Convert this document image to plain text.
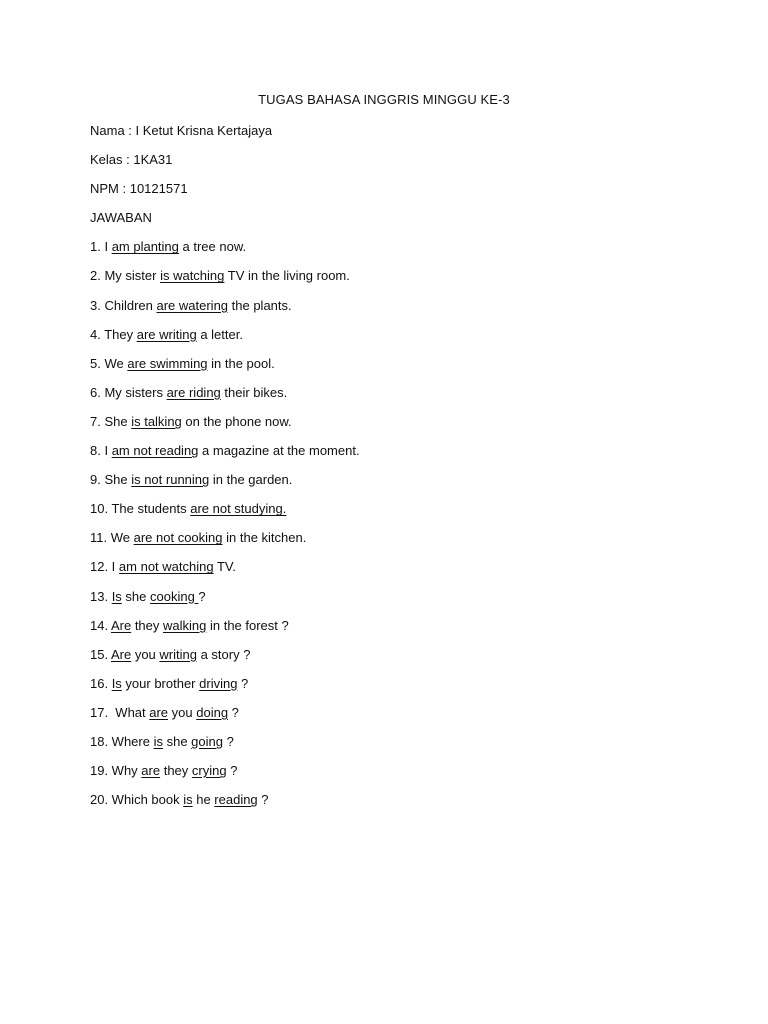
TUGAS BAHASA INGGRIS MINGGU KE-3
Nama : I Ketut Krisna Kertajaya
Kelas : 1KA31
NPM : 10121571
JAWABAN
1. I am planting a tree now.
2. My sister is watching TV in the living room.
3. Children are watering the plants.
4. They are writing a letter.
5. We are swimming in the pool.
6. My sisters are riding their bikes.
7. She is talking on the phone now.
8. I am not reading a magazine at the moment.
9. She is not running in the garden.
10. The students are not studying.
11. We are not cooking in the kitchen.
12. I am not watching TV.
13. Is she cooking ?
14. Are they walking in the forest ?
15. Are you writing a story ?
16. Is your brother driving ?
17.  What are you doing ?
18. Where is she going ?
19. Why are they crying ?
20. Which book is he reading ?
